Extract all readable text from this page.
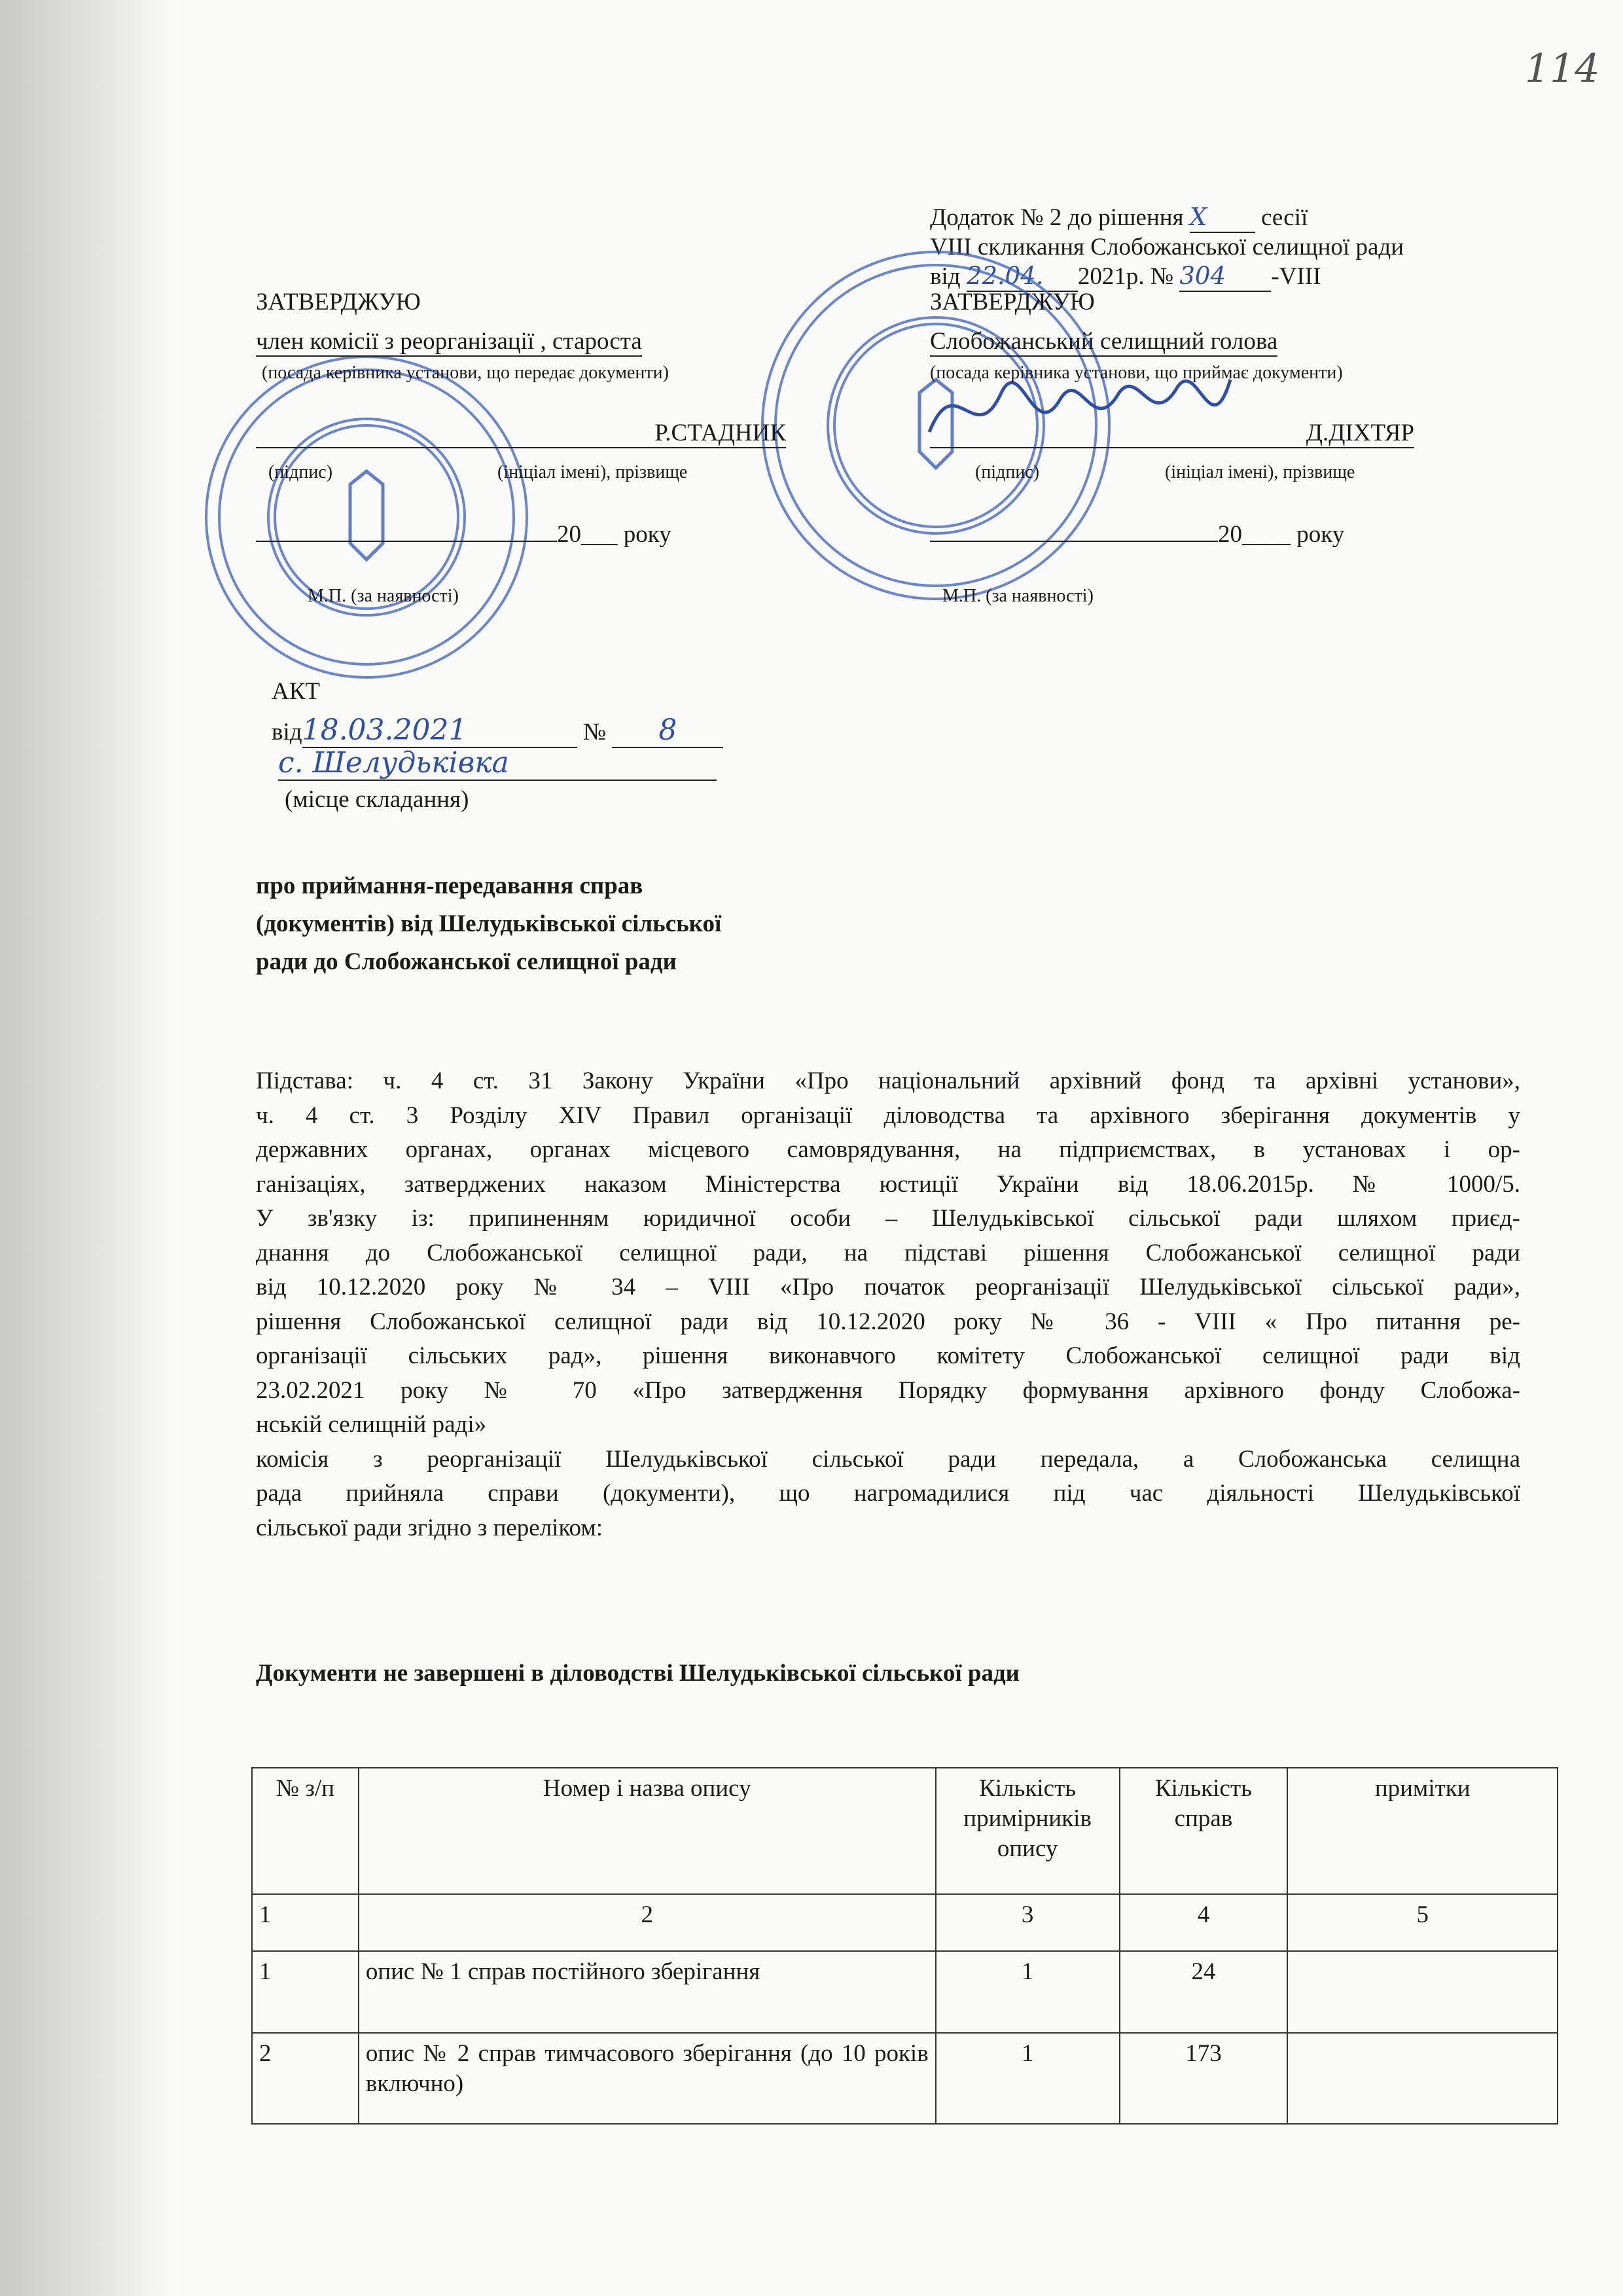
114
Додаток № 2 до рішення X сесії
VIII скликання Слобожанської селищної ради
від 22.04. 2021р. № 304 -VIII
ЗАТВЕРДЖУЮ
член комісії з реорганізації , староста
(посада керівника установи, що передає документи)
Р.СТАДНИК
(підпис)	(ініціал імені), прізвище
20___ року
М.П. (за наявності)
ЗАТВЕРДЖУЮ
Слобожанський селищний голова
(посада керівника установи, що приймає документи)
Д.ДІХТЯР
(підпис)	(ініціал імені), прізвище
20____ року
М.П. (за наявності)
АКТ
від18.03.2021	№ 8
с. Шелудьківка
(місце складання)
про приймання-передавання справ
(документів) від Шелудьківської сільської
ради до Слобожанської селищної ради
Підстава: ч. 4 ст. 31 Закону України «Про національний архівний фонд та архівні установи»,
ч. 4 ст. 3 Розділу XIV Правил організації діловодства та архівного зберігання документів у
державних органах, органах місцевого самоврядування, на підприємствах, в установах і ор-
ганізаціях, затверджених наказом Міністерства юстиції України від 18.06.2015р. № 1000/5.
У зв'язку із: припиненням юридичної особи – Шелудьківської сільської ради шляхом приєд-
днання до Слобожанської селищної ради, на підставі рішення Слобожанської селищної ради
від 10.12.2020 року № 34 – VIII «Про початок реорганізації Шелудьківської сільської ради»,
рішення Слобожанської селищної ради від 10.12.2020 року № 36 - VIII « Про питання ре-
організації сільських рад», рішення виконавчого комітету Слобожанської селищної ради від
23.02.2021 року № 70 «Про затвердження Порядку формування архівного фонду Слобожа-
нській селищній раді»
комісія з реорганізації Шелудьківської сільської ради передала, а Слобожанська селищна
рада прийняла справи (документи), що нагромадилися під час діяльності Шелудьківської
сільської ради згідно з переліком:
Документи не завершені в діловодстві Шелудьківської сільської ради
№ з/п	Номер і назва опису	Кількість примірників опису	Кількість справ	примітки
1	2	3	4	5
1	опис № 1 справ постійного зберігання	1	24	
2	опис № 2 справ тимчасового зберігання (до 10 років включно)	1	173	
